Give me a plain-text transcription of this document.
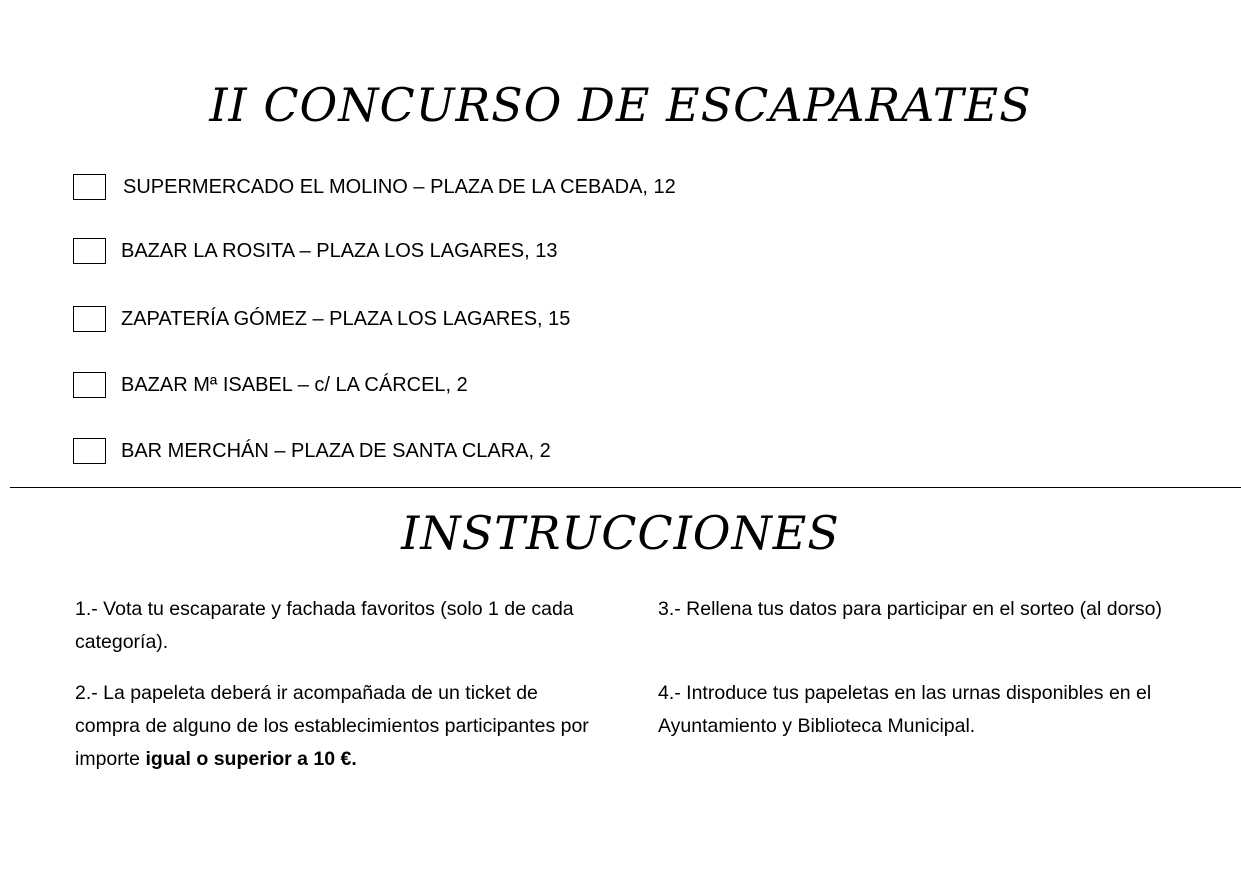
II CONCURSO DE ESCAPARATES
SUPERMERCADO EL MOLINO – PLAZA DE LA CEBADA, 12
BAZAR LA ROSITA – PLAZA LOS LAGARES, 13
ZAPATERÍA GÓMEZ – PLAZA LOS LAGARES, 15
BAZAR Mª ISABEL – c/ LA CÁRCEL, 2
BAR MERCHÁN – PLAZA DE SANTA CLARA, 2
INSTRUCCIONES

1.- Vota tu escaparate y fachada favoritos (solo 1 de cada categoría).

2.- La papeleta deberá ir acompañada de un ticket de compra de alguno de los establecimientos participantes por importe igual o superior a 10 €.

3.- Rellena tus datos para participar en el sorteo (al dorso)

4.- Introduce tus papeletas en las urnas disponibles en el Ayuntamiento y Biblioteca Municipal.
